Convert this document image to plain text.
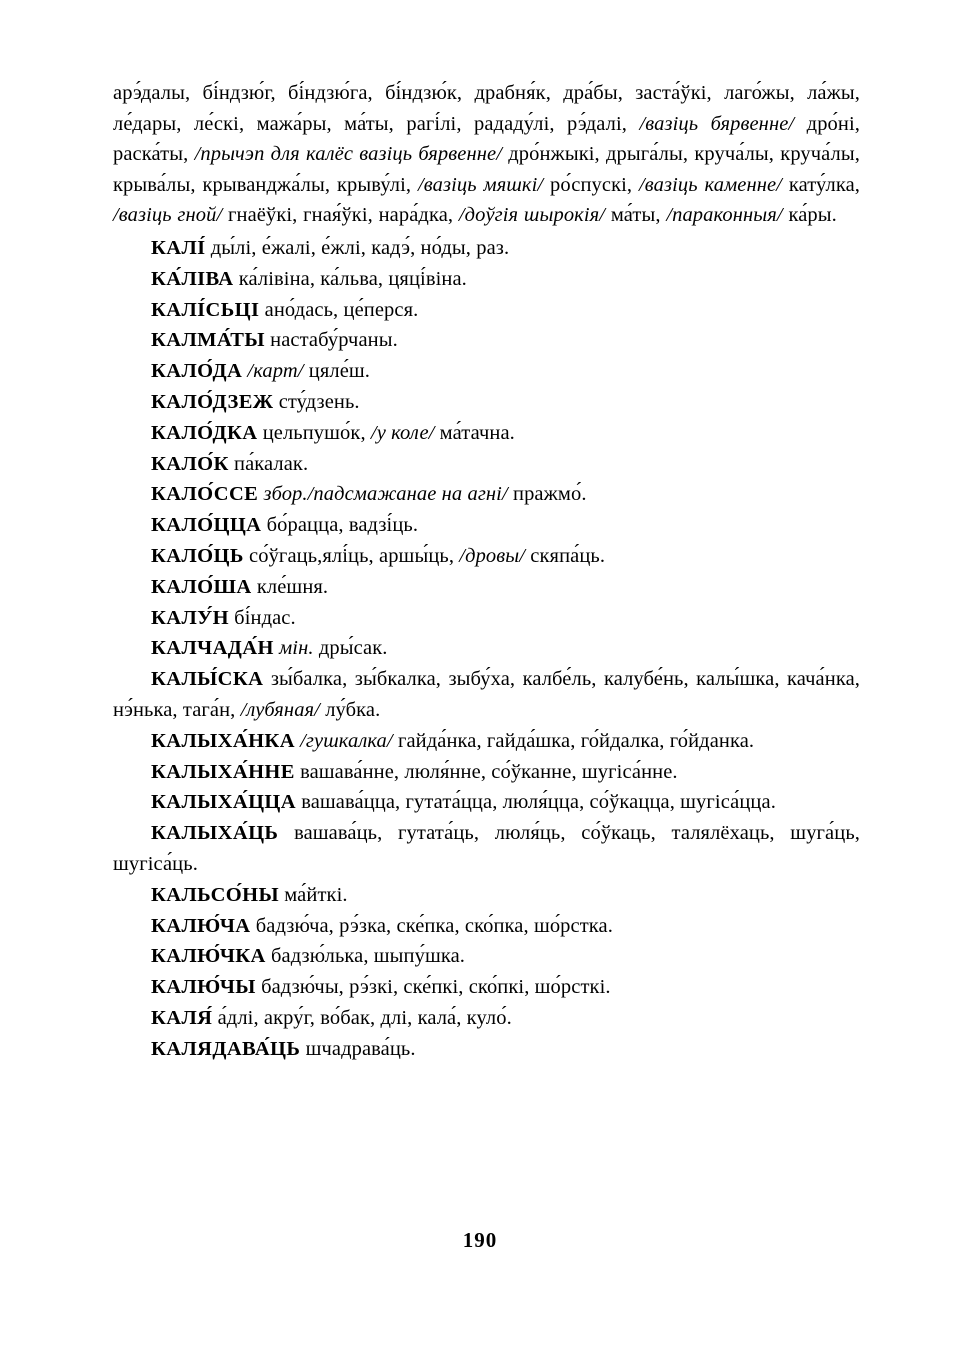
арэ́далы, бі́ндзю́г, бі́ндзю́га, бі́ндзю́к, драбня́к, дра́бы, заста́ўкі, лаго́жы, ла́жы, ле́дары, ле́скі, мажа́ры, ма́ты, рагі́лі, рададу́лі, рэ́далі, /вазіць бярвенне/ дро́ні, раска́ты, /прычэп для калёс вазіць бярвенне/ дро́нжыкі, дрыга́лы, круча́лы, круча́лы, крыва́лы, крыванджа́лы, крыву́лі, /вазіць мяшкі/ ро́спускі, /вазіць каменне/ кату́лка, /вазіць гной/ гнаёўкі, гная́ўкі, нара́дка, /доўгія шырокія/ ма́ты, /параконныя/ ка́ры.

КАЛІ́ ды́лі, е́жалі, е́жлі, кадэ́, но́ды, раз.

КА́ЛІВА ка́лівіна, ка́льва, цяці́віна.

КАЛІ́СЬЦІ ано́дась, це́перся.

КАЛМА́ТЫ настабу́рчаны.

КАЛО́ДА /карт/ цяле́ш.

КАЛО́ДЗЕЖ сту́дзень.

КАЛО́ДКА цельпушо́к, /у коле/ ма́тачна.

КАЛО́К па́калак.

КАЛО́ССЕ збор./падсмажанае на агні/ пражмо́.

КАЛО́ЦЦА бо́рацца, вадзі́ць.

КАЛО́ЦЬ со́ўгаць,ялі́ць, аршы́ць, /дровы/ скяпа́ць.

КАЛО́ША кле́шня.

КАЛУ́Н бі́ндас.

КАЛЧАДА́Н мін. дры́сак.

КАЛЫ́СКА зы́балка, зы́бкалка, зыбу́ха, калбе́ль, калубе́нь, калы́шка, кача́нка, нэ́нька, тага́н, /лубяная/ лу́бка.

КАЛЫХА́НКА /гушкалка/ гайда́нка, гайда́шка, го́йдалка, го́йданка.

КАЛЫХА́ННЕ вашава́нне, люля́нне, со́ўканне, шугіса́нне.

КАЛЫХА́ЦЦА вашава́цца, гутата́цца, люля́цца, со́ўкацца, шугіса́цца.

КАЛЫХА́ЦЬ вашава́ць, гутата́ць, люля́ць, со́ўкаць, талялёхаць, шуга́ць, шугіса́ць.

КАЛЬСО́НЫ ма́йткі.

КАЛЮ́ЧА бадзю́ча, рэ́зка, ске́пка, ско́пка, шо́рстка.

КАЛЮ́ЧКА бадзю́лька, шыпу́шка.

КАЛЮ́ЧЫ бадзю́чы, рэ́зкі, ске́пкі, ско́пкі, шо́рсткі.

КАЛЯ́ а́длі, акру́г, во́бак, длі, кала́, куло́.

КАЛЯДАВА́ЦЬ шчадрава́ць.

190
